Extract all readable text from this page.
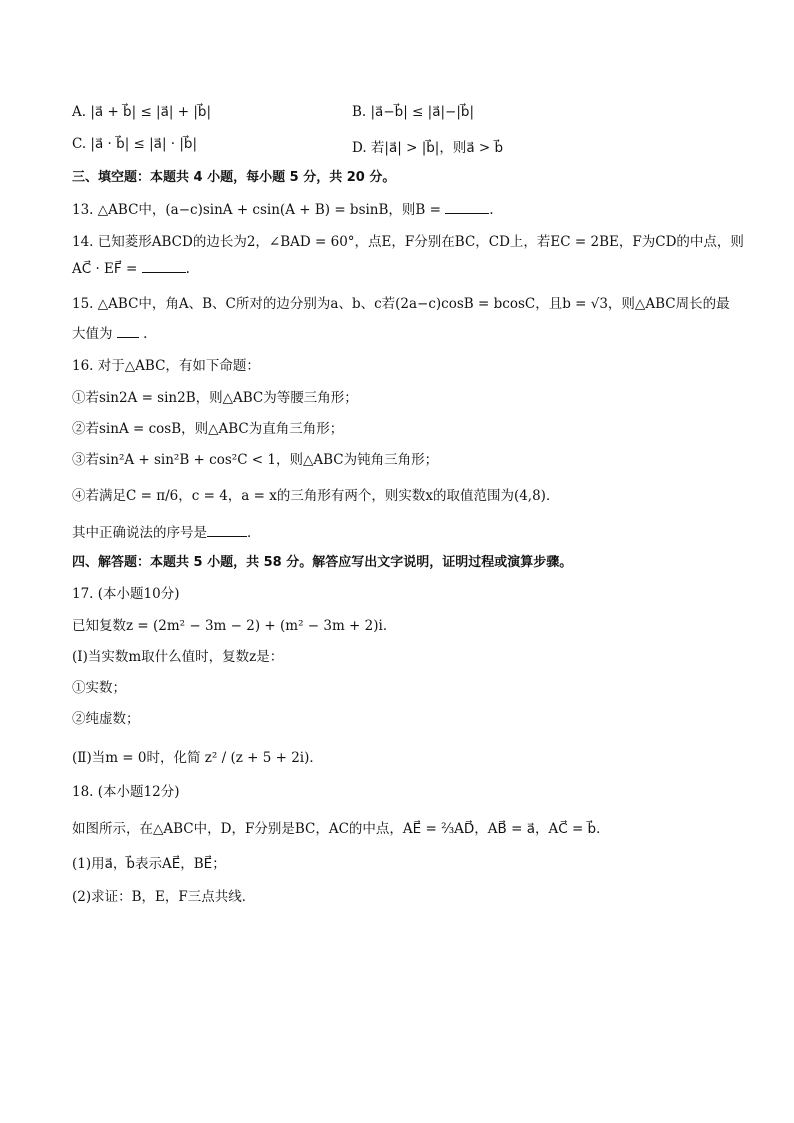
A. |a⃗ + b⃗| ≤ |a⃗| + |b⃗|	B. |a⃗−b⃗| ≤ |a⃗|−|b⃗|
C. |a⃗ · b⃗| ≤ |a⃗| · |b⃗|	D. 若|a⃗| > |b⃗|，则a⃗ > b⃗
三、填空题：本题共 4 小题，每小题 5 分，共 20 分。
13. △ABC中，(a−c)sinA + csin(A + B) = bsinB，则B =	.
14. 已知菱形ABCD的边长为2，∠BAD = 60°，点E，F分别在BC，CD上，若EC = 2BE，F为CD的中点，则
AC⃗ · EF⃗ =	.
15. △ABC中，角A、B、C所对的边分别为a、b、c若(2a−c)cosB = bcosC，且b = √3，则△ABC周长的最
大值为  .
16. 对于△ABC，有如下命题：
①若sin2A = sin2B，则△ABC为等腰三角形；
②若sinA = cosB，则△ABC为直角三角形；
③若sin²A + sin²B + cos²C < 1，则△ABC为钝角三角形；
④若满足C = π/6，c = 4，a = x的三角形有两个，则实数x的取值范围为(4,8)．
其中正确说法的序号是	．
四、解答题：本题共 5 小题，共 58 分。解答应写出文字说明，证明过程或演算步骤。
17. (本小题10分)
已知复数z = (2m² − 3m − 2) + (m² − 3m + 2)i．
(Ⅰ)当实数m取什么值时，复数z是：
①实数；
②纯虚数；
(Ⅱ)当m = 0时，化简 z² / (z + 5 + 2i)．
18. (本小题12分)
如图所示，在△ABC中，D，F分别是BC，AC的中点，AE⃗ = ⅔AD⃗，AB⃗ = a⃗，AC⃗ = b⃗．
(1)用a⃗，b⃗表示AE⃗，BE⃗；
(2)求证：B，E，F三点共线．
